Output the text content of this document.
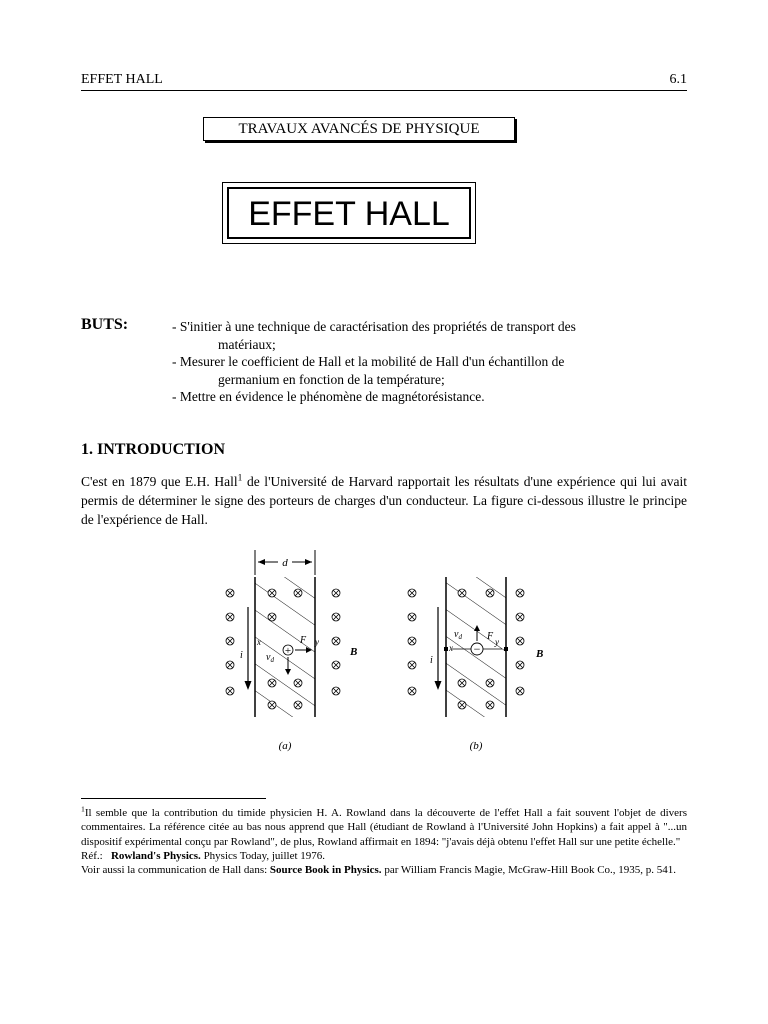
EFFET HALL	6.1
TRAVAUX AVANCÉS DE PHYSIQUE
EFFET HALL
BUTS:	- S'initier à une technique de caractérisation des propriétés de transport des
matériaux;
- Mesurer le coefficient de Hall et la mobilité de Hall d'un échantillon de
germanium en fonction de la température;
- Mettre en évidence le phénomène de magnétorésistance.
1. INTRODUCTION
C'est en 1879 que E.H. Hall$^1$ de l'Université de Harvard rapportait les résultats d'une expérience qui lui avait permis de déterminer le signe des porteurs de charges d'un conducteur. La figure ci-dessous illustre le principe de l'expérience de Hall.
d
i
x	y
+
$v_d$
F
B
(a)
i
x
y
−
$v_d$	F
B
(b)
$^1$Il semble que la contribution du timide physicien H. A. Rowland dans la découverte de l'effet Hall a fait souvent l'objet de divers commentaires. La référence citée au bas nous apprend que Hall (étudiant de Rowland à l'Université John Hopkins) a fait appel à "...un dispositif expérimental conçu par Rowland", de plus, Rowland affirmait en 1894: "j'avais déjà obtenu l'effet Hall sur une petite échelle."
Réf.: Rowland's Physics. Physics Today, juillet 1976.
Voir aussi la communication de Hall dans: Source Book in Physics. par William Francis Magie, McGraw-Hill Book Co., 1935, p. 541.
